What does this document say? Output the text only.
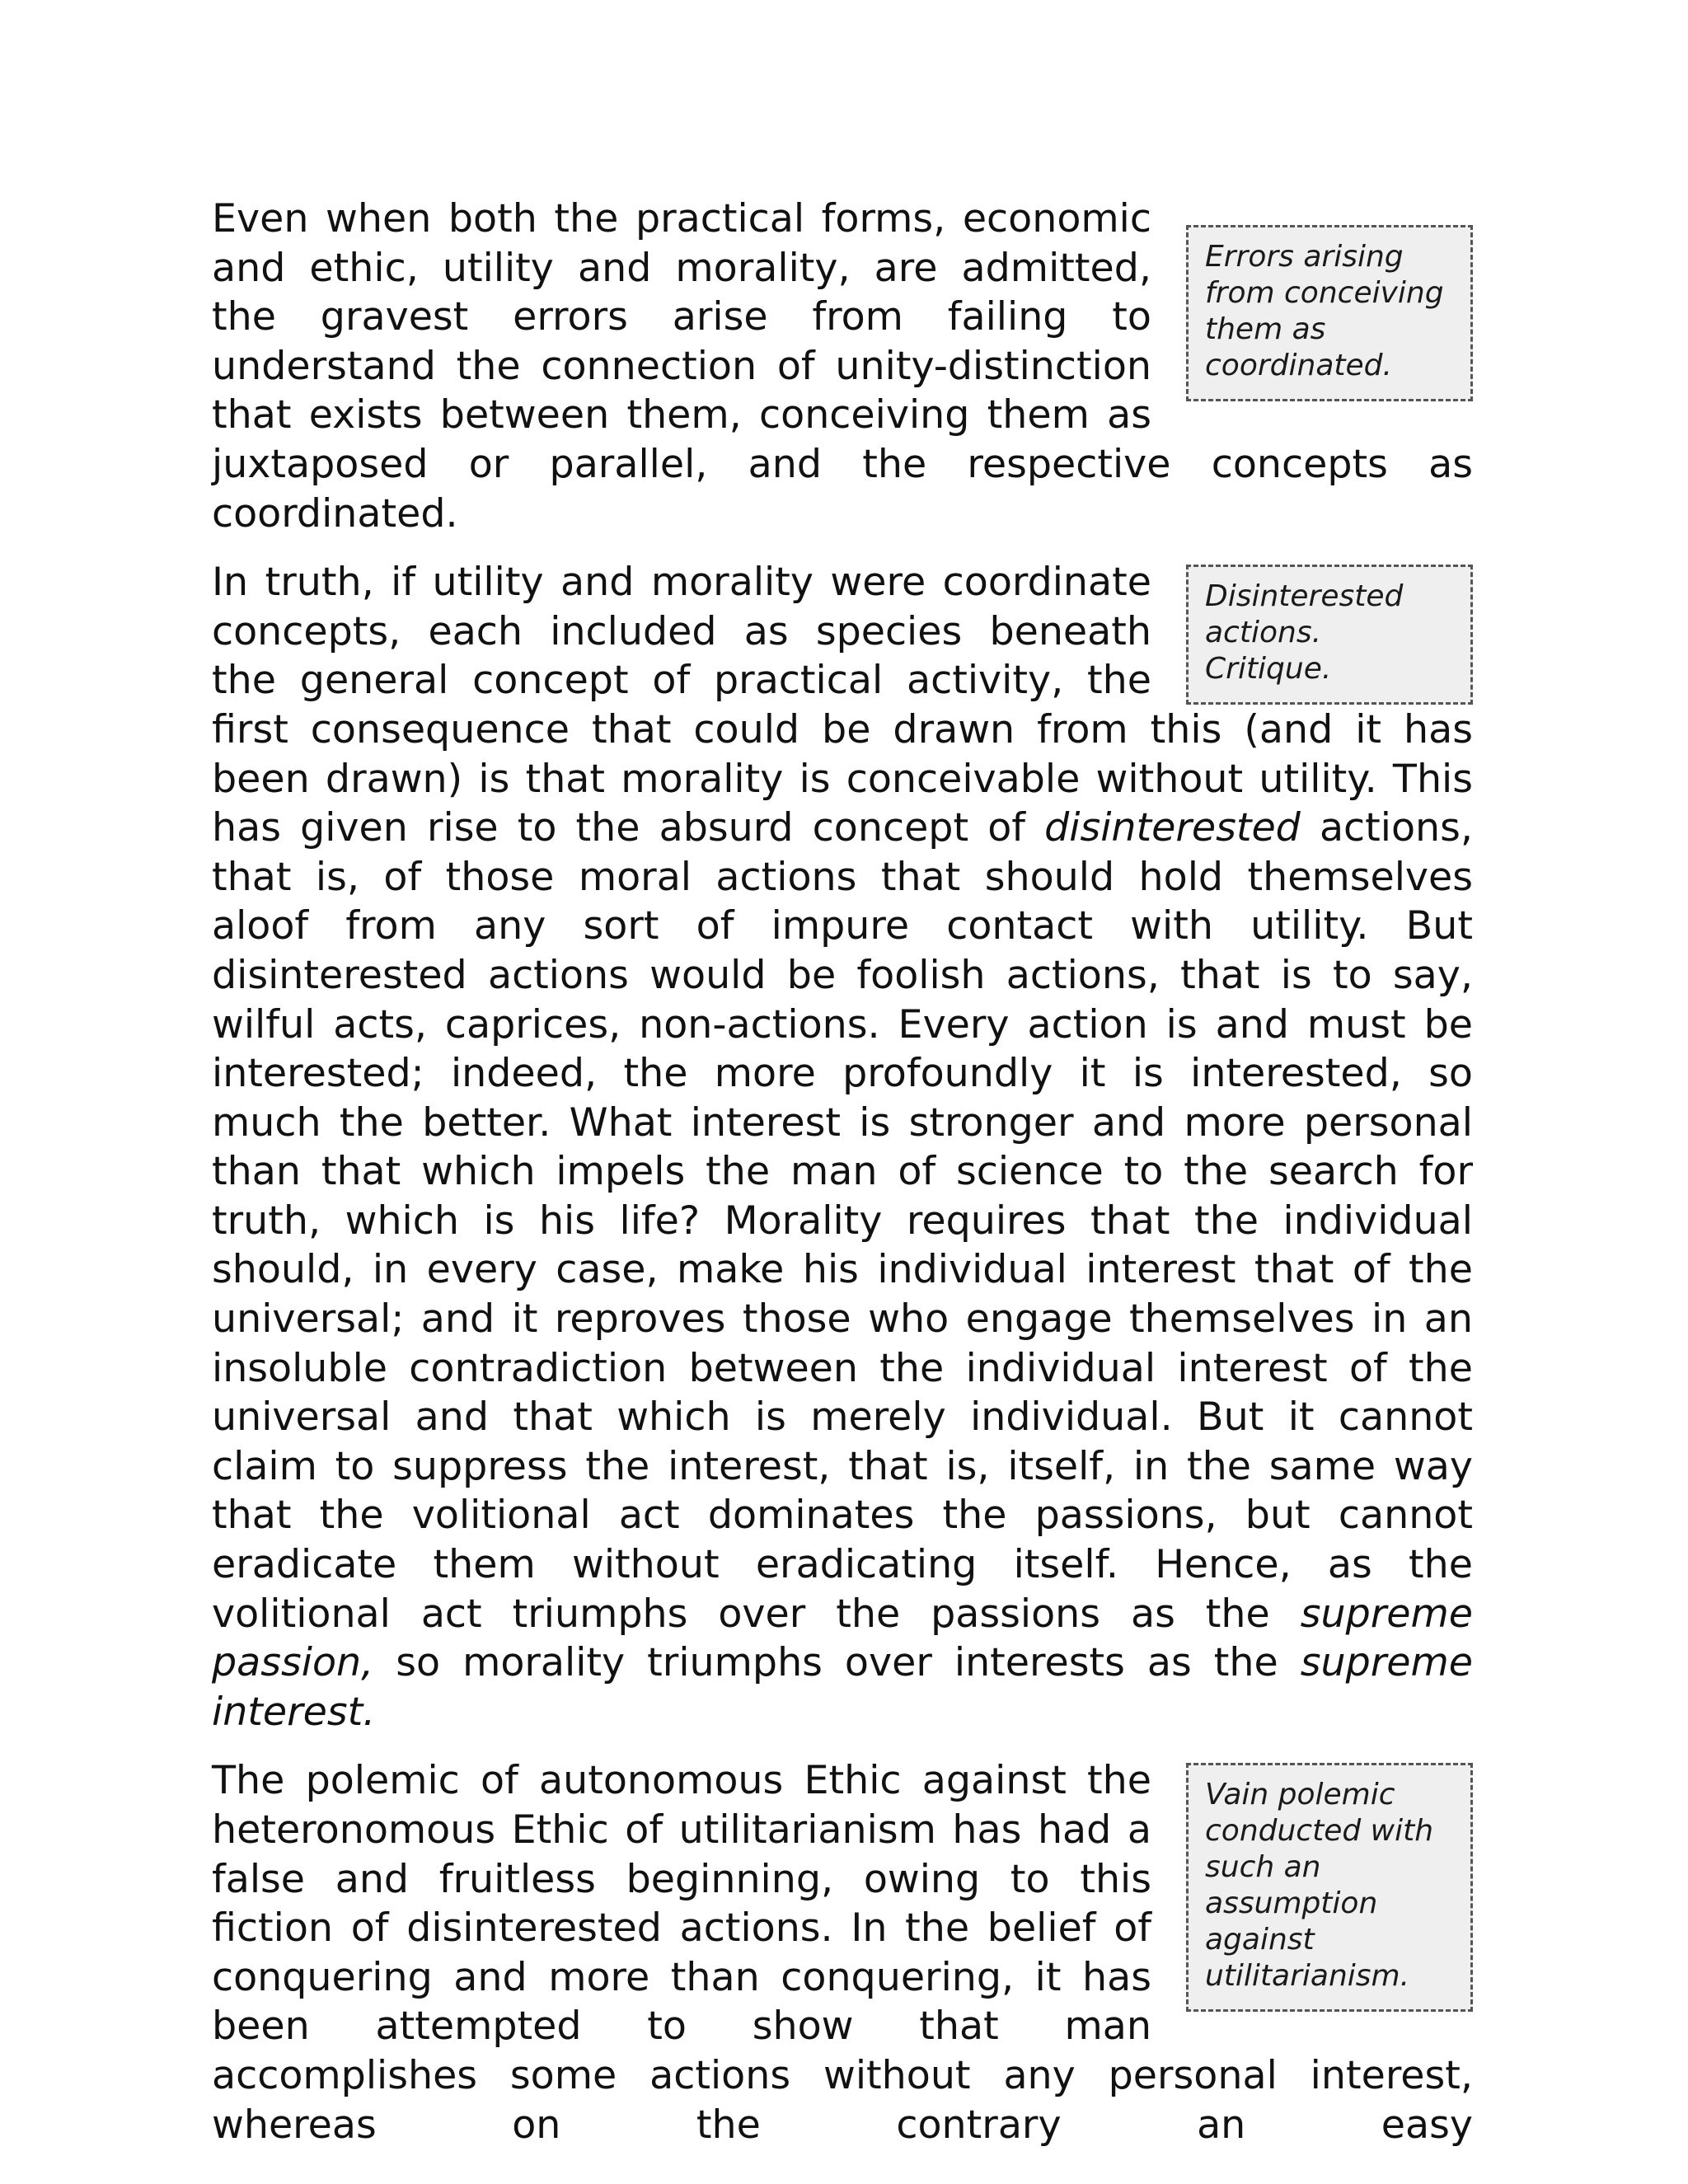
Errors arising from conceiving them as coordinated.
Even when both the practical forms, economic and ethic, utility and morality, are admitted, the gravest errors arise from failing to understand the connection of unity-distinction that exists between them, conceiving them as juxtaposed or parallel, and the respective concepts as coordinated.

Disinterested actions. Critique.
In truth, if utility and morality were coordinate concepts, each included as species beneath the general concept of practical activity, the first consequence that could be drawn from this (and it has been drawn) is that morality is conceivable without utility. This has given rise to the absurd concept of disinterested actions, that is, of those moral actions that should hold themselves aloof from any sort of impure contact with utility. But disinterested actions would be foolish actions, that is to say, wilful acts, caprices, non-actions. Every action is and must be interested; indeed, the more profoundly it is interested, so much the better. What interest is stronger and more personal than that which impels the man of science to the search for truth, which is his life? Morality requires that the individual should, in every case, make his individual interest that of the universal; and it reproves those who engage themselves in an insoluble contradiction between the individual interest of the universal and that which is merely individual. But it cannot claim to suppress the interest, that is, itself, in the same way that the volitional act dominates the passions, but cannot eradicate them without eradicating itself. Hence, as the volitional act triumphs over the passions as the supreme passion, so morality triumphs over interests as the supreme interest.

Vain polemic conducted with such an assumption against utilitarianism.
The polemic of autonomous Ethic against the heteronomous Ethic of utilitarianism has had a false and fruitless beginning, owing to this fiction of disinterested actions. In the belief of conquering and more than conquering, it has been attempted to show that man accomplishes some actions without any personal interest, whereas on the contrary an easy
